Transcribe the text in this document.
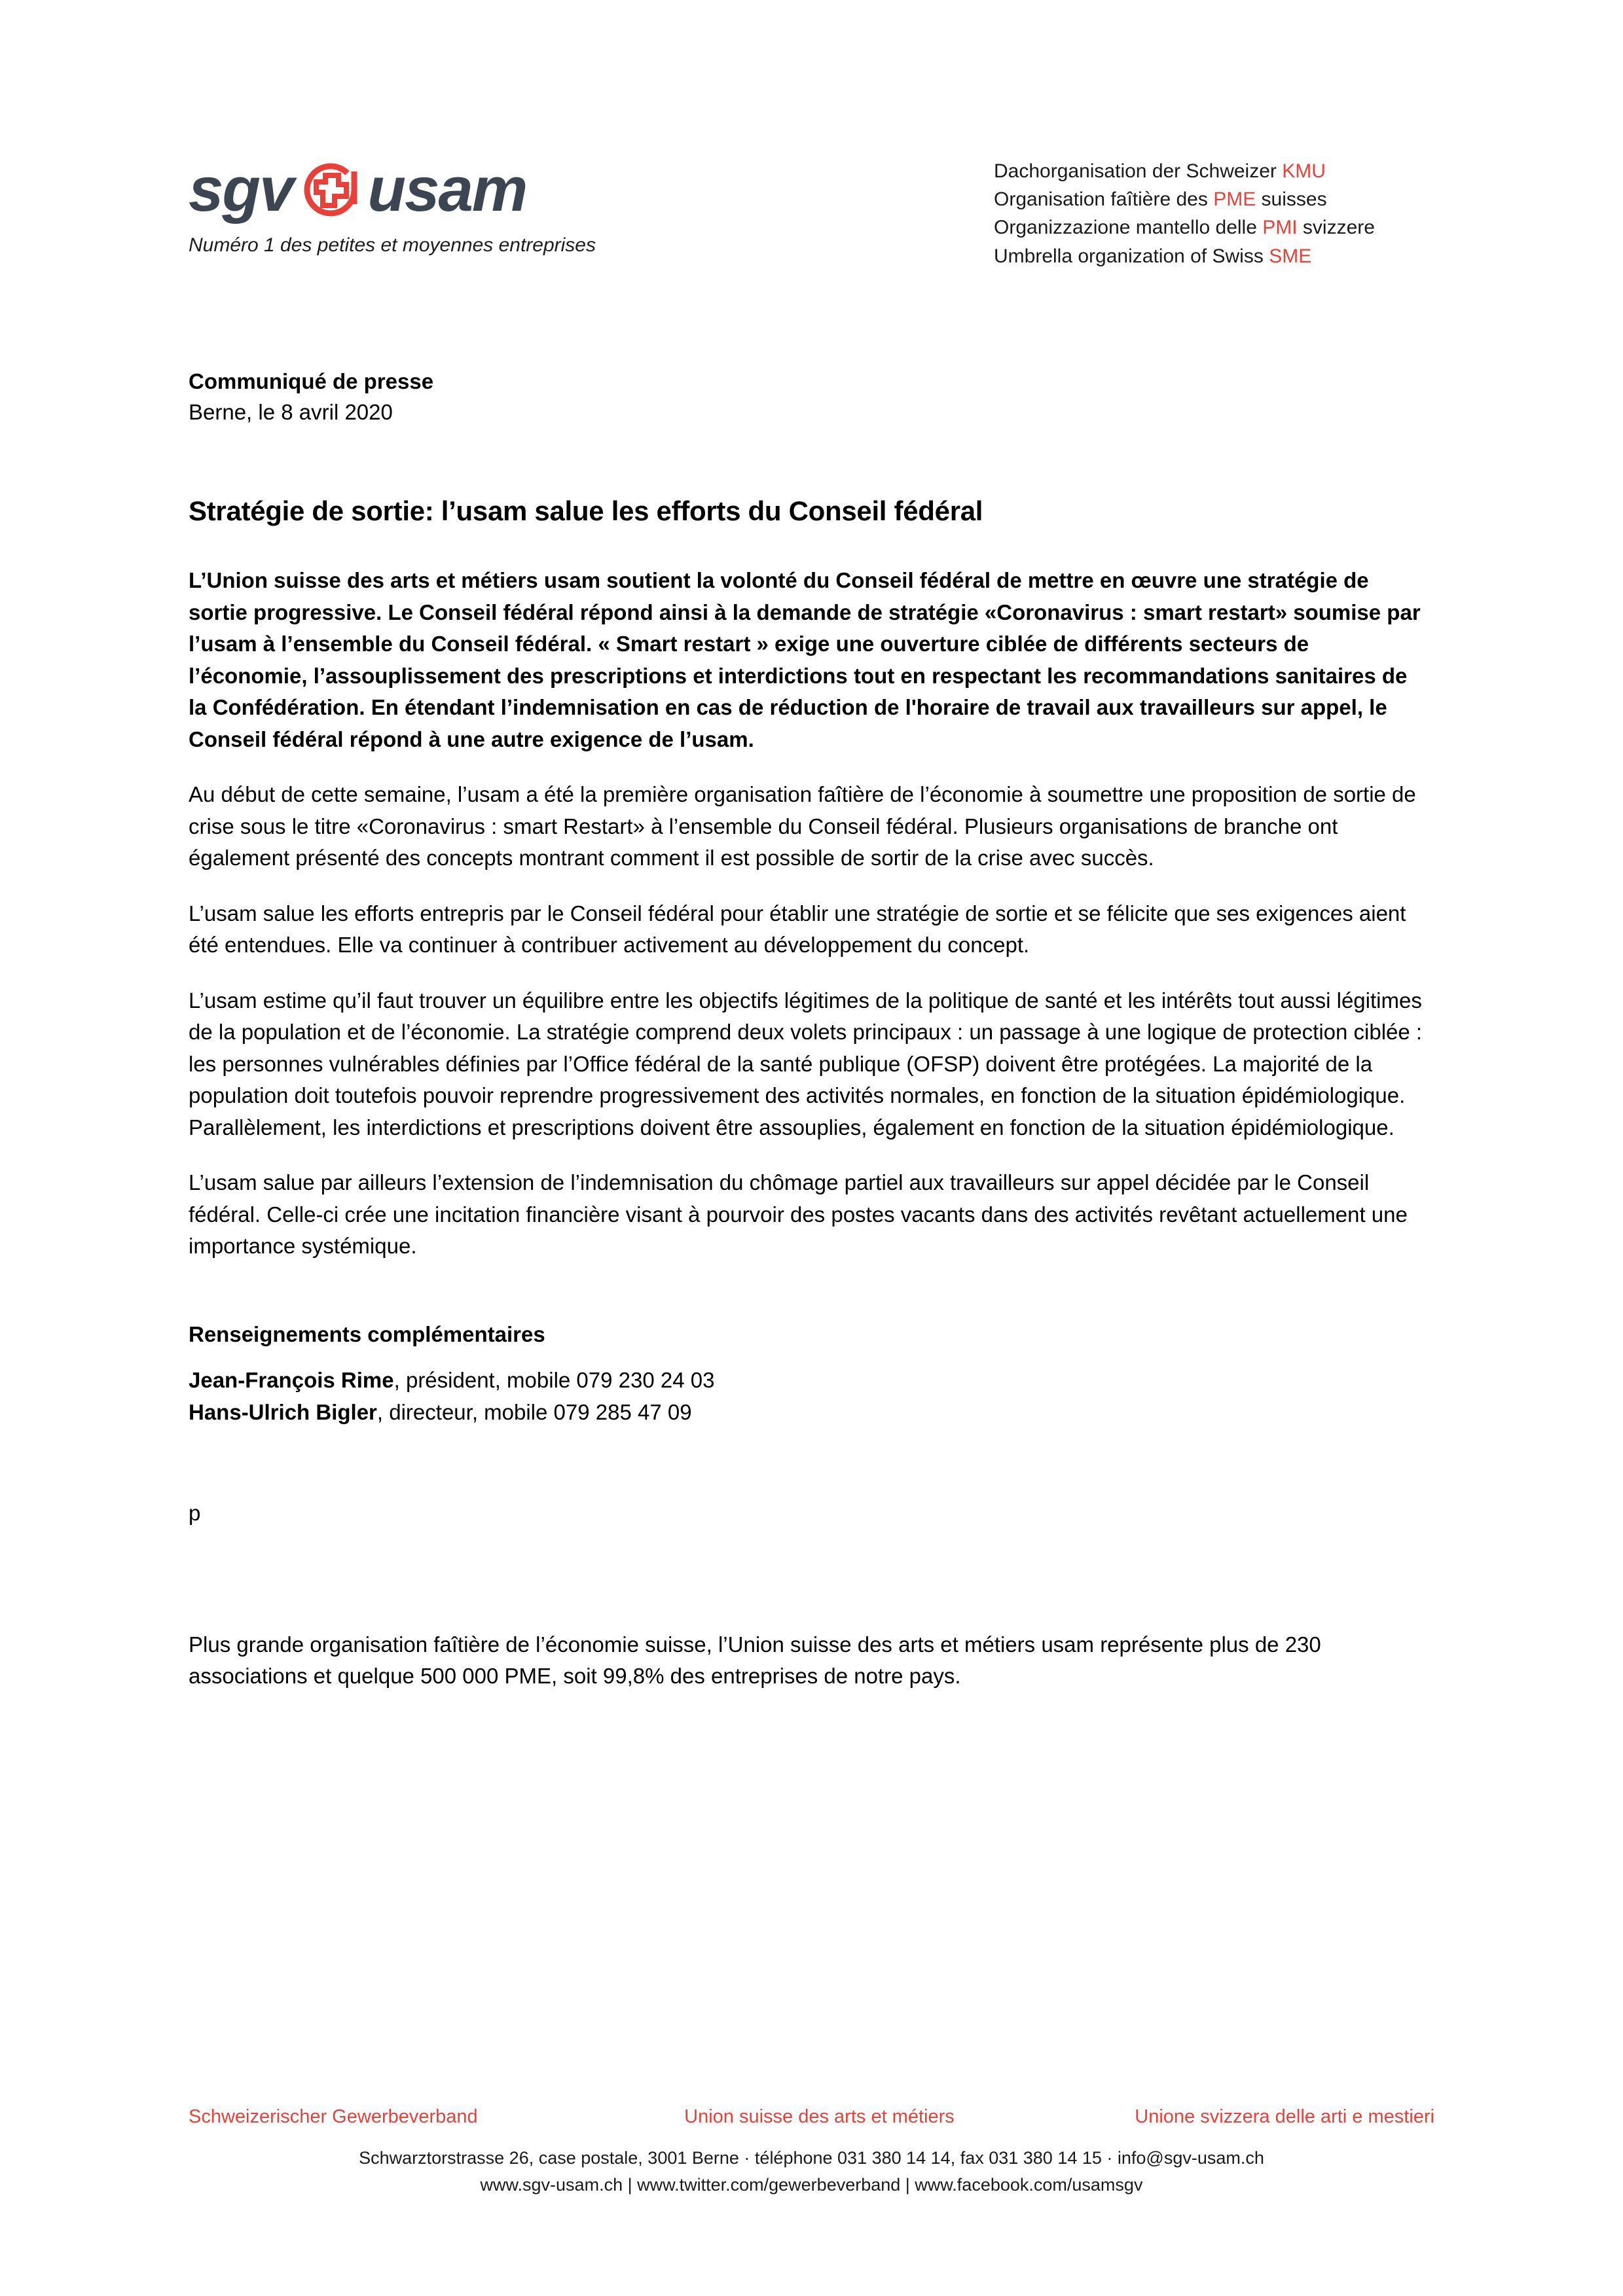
sgv usam
Numéro 1 des petites et moyennes entreprises
Dachorganisation der Schweizer KMU
Organisation faîtière des PME suisses
Organizzazione mantello delle PMI svizzere
Umbrella organization of Swiss SME
Communiqué de presse
Berne, le 8 avril 2020
Stratégie de sortie: l’usam salue les efforts du Conseil fédéral
L’Union suisse des arts et métiers usam soutient la volonté du Conseil fédéral de mettre en œuvre une stratégie de sortie progressive. Le Conseil fédéral répond ainsi à la demande de stratégie «Coronavirus : smart restart» soumise par l’usam à l’ensemble du Conseil fédéral. « Smart restart » exige une ouverture ciblée de différents secteurs de l’économie, l’assouplissement des prescriptions et interdictions tout en respectant les recommandations sanitaires de la Confédération. En étendant l’indemnisation en cas de réduction de l'horaire de travail aux travailleurs sur appel, le Conseil fédéral répond à une autre exigence de l’usam.

Au début de cette semaine, l’usam a été la première organisation faîtière de l’économie à soumettre une proposition de sortie de crise sous le titre «Coronavirus : smart Restart» à l’ensemble du Conseil fédéral. Plusieurs organisations de branche ont également présenté des concepts montrant comment il est possible de sortir de la crise avec succès.

L’usam salue les efforts entrepris par le Conseil fédéral pour établir une stratégie de sortie et se félicite que ses exigences aient été entendues. Elle va continuer à contribuer activement au développement du concept.

L’usam estime qu’il faut trouver un équilibre entre les objectifs légitimes de la politique de santé et les intérêts tout aussi légitimes de la population et de l’économie. La stratégie comprend deux volets principaux : un passage à une logique de protection ciblée : les personnes vulnérables définies par l’Office fédéral de la santé publique (OFSP) doivent être protégées. La majorité de la population doit toutefois pouvoir reprendre progressivement des activités normales, en fonction de la situation épidémiologique. Parallèlement, les interdictions et prescriptions doivent être assouplies, également en fonction de la situation épidémiologique.

L’usam salue par ailleurs l’extension de l’indemnisation du chômage partiel aux travailleurs sur appel décidée par le Conseil fédéral. Celle-ci crée une incitation financière visant à pourvoir des postes vacants dans des activités revêtant actuellement une importance systémique.

Renseignements complémentaires
Jean-François Rime, président, mobile 079 230 24 03
Hans-Ulrich Bigler, directeur, mobile 079 285 47 09
p
Plus grande organisation faîtière de l’économie suisse, l’Union suisse des arts et métiers usam représente plus de 230 associations et quelque 500 000 PME, soit 99,8% des entreprises de notre pays.
Schweizerischer Gewerbeverband	Union suisse des arts et métiers	Unione svizzera delle arti e mestieri
Schwarztorstrasse 26, case postale, 3001 Berne · téléphone 031 380 14 14, fax 031 380 14 15 · info@sgv-usam.ch
www.sgv-usam.ch | www.twitter.com/gewerbeverband | www.facebook.com/usamsgv
